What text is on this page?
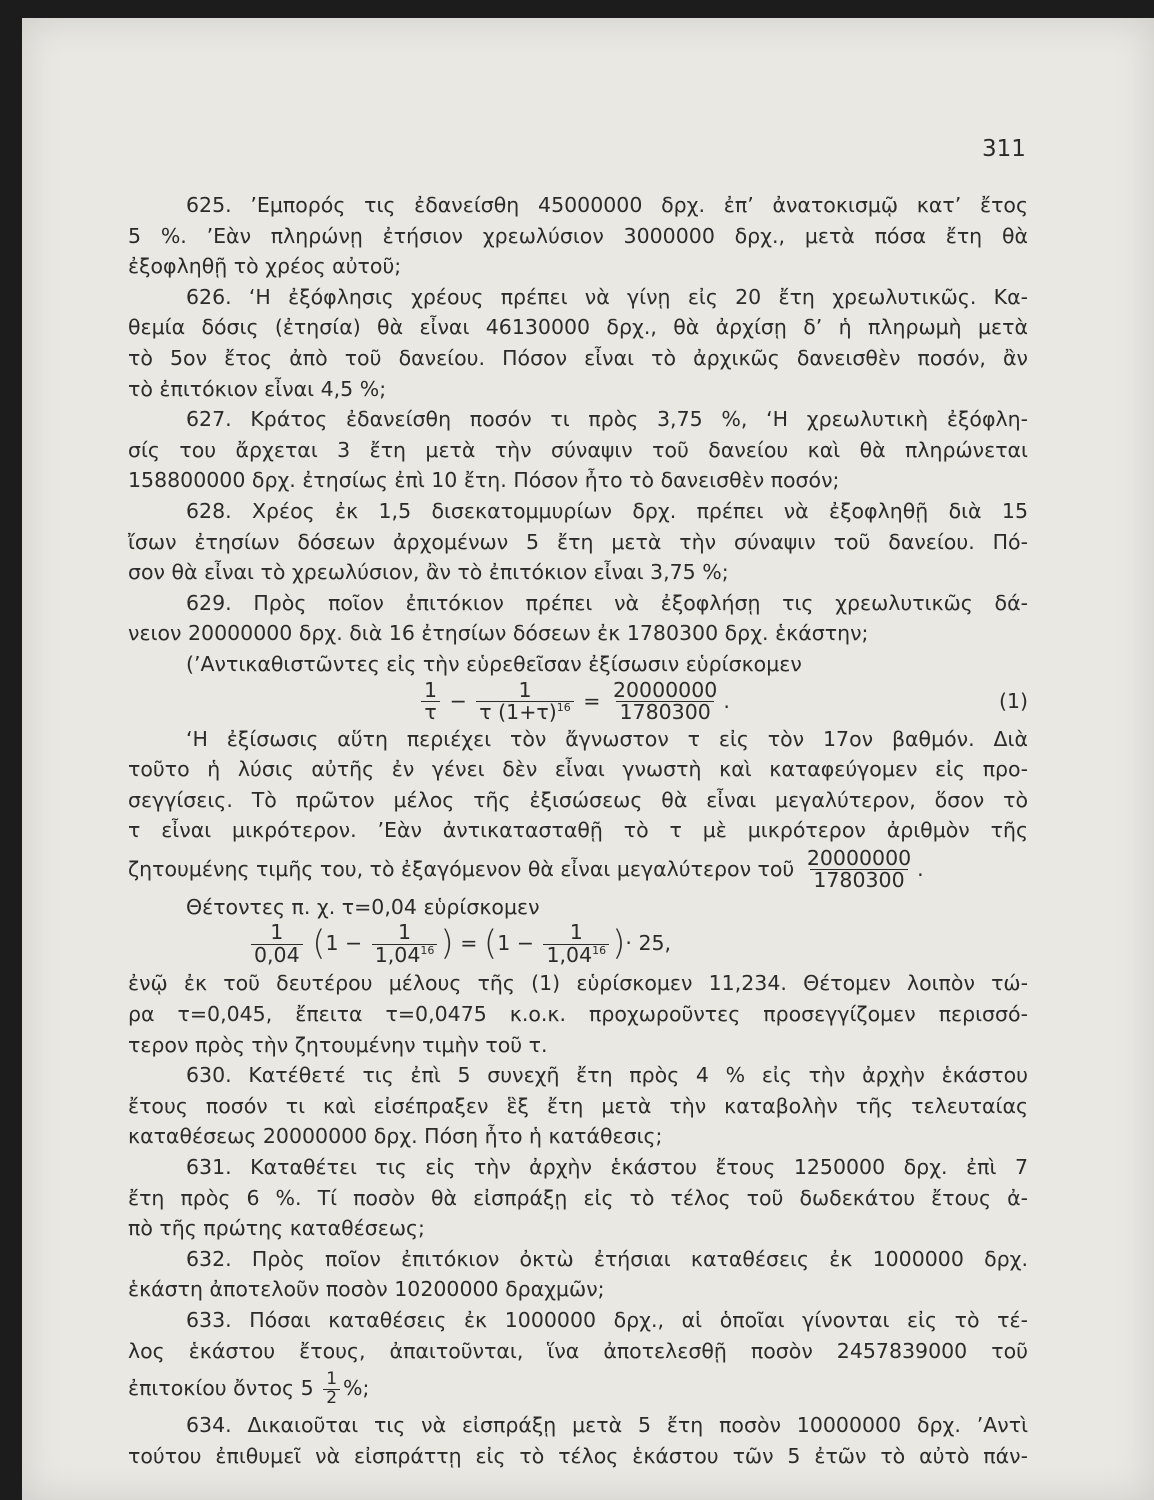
311
625. ’Εμπορός τις ἐδανείσθη 45000000 δρχ. ἐπ’ ἀνατοκισμῷ κατ’ ἔτος
5 %. ’Εὰν πληρώνῃ ἐτήσιον χρεωλύσιον 3000000 δρχ., μετὰ πόσα ἔτη θὰ
ἐξοφληθῇ τὸ χρέος αὐτοῦ;
626. ‘Η ἐξόφλησις χρέους πρέπει νὰ γίνῃ εἰς 20 ἔτη χρεωλυτικῶς. Κα-
θεμία δόσις (ἐτησία) θὰ εἶναι 46130000 δρχ., θὰ ἀρχίσῃ δ’ ἡ πληρωμὴ μετὰ
τὸ 5ον ἔτος ἀπὸ τοῦ δανείου. Πόσον εἶναι τὸ ἀρχικῶς δανεισθὲν ποσόν, ἂν
τὸ ἐπιτόκιον εἶναι 4,5 %;
627. Κράτος ἐδανείσθη ποσόν τι πρὸς 3,75 %, ‘Η χρεωλυτικὴ ἐξόφλη-
σίς του ἄρχεται 3 ἔτη μετὰ τὴν σύναψιν τοῦ δανείου καὶ θὰ πληρώνεται
158800000 δρχ. ἐτησίως ἐπὶ 10 ἔτη. Πόσον ἦτο τὸ δανεισθὲν ποσόν;
628. Χρέος ἐκ 1,5 δισεκατομμυρίων δρχ. πρέπει νὰ ἐξοφληθῇ διὰ 15
ἴσων ἐτησίων δόσεων ἀρχομένων 5 ἔτη μετὰ τὴν σύναψιν τοῦ δανείου. Πό-
σον θὰ εἶναι τὸ χρεωλύσιον, ἂν τὸ ἐπιτόκιον εἶναι 3,75 %;
629. Πρὸς ποῖον ἐπιτόκιον πρέπει νὰ ἐξοφλήσῃ τις χρεωλυτικῶς δά-
νειον 20000000 δρχ. διὰ 16 ἐτησίων δόσεων ἐκ 1780300 δρχ. ἑκάστην;
(’Αντικαθιστῶντες εἰς τὴν εὑρεθεῖσαν ἐξίσωσιν εὑρίσκομεν
$\frac{1}{\tau} - \frac{1}{\tau (1+\tau)^{16}} = \frac{20000000}{1780300}$ .	(1)
‘Η ἐξίσωσις αὕτη περιέχει τὸν ἄγνωστον τ εἰς τὸν 17ον βαθμόν. Διὰ
τοῦτο ἡ λύσις αὐτῆς ἐν γένει δὲν εἶναι γνωστὴ καὶ καταφεύγομεν εἰς προ-
σεγγίσεις. Τὸ πρῶτον μέλος τῆς ἐξισώσεως θὰ εἶναι μεγαλύτερον, ὅσον τὸ
τ εἶναι μικρότερον. ’Εὰν ἀντικατασταθῇ τὸ τ μὲ μικρότερον ἀριθμὸν τῆς
ζητουμένης τιμῆς του, τὸ ἐξαγόμενον θὰ εἶναι μεγαλύτερον τοῦ $\frac{20000000}{1780300}$ .
Θέτοντες π. χ. τ=0,04 εὑρίσκομεν
$\frac{1}{0,04} (1 - \frac{1}{1,04^{16}}$ ) = ($1 - \frac{1}{1,04^{16}}$ )· 25,
ἐνῷ ἐκ τοῦ δευτέρου μέλους τῆς (1) εὑρίσκομεν 11,234. Θέτομεν λοιπὸν τώ-
ρα τ=0,045, ἔπειτα τ=0,0475 κ.ο.κ. προχωροῦντες προσεγγίζομεν περισσό-
τερον πρὸς τὴν ζητουμένην τιμὴν τοῦ τ.
630. Κατέθετέ τις ἐπὶ 5 συνεχῆ ἔτη πρὸς 4 % εἰς τὴν ἀρχὴν ἑκάστου
ἔτους ποσόν τι καὶ εἰσέπραξεν ἓξ ἔτη μετὰ τὴν καταβολὴν τῆς τελευταίας
καταθέσεως 20000000 δρχ. Πόση ἦτο ἡ κατάθεσις;
631. Καταθέτει τις εἰς τὴν ἀρχὴν ἑκάστου ἔτους 1250000 δρχ. ἐπὶ 7
ἔτη πρὸς 6 %. Τί ποσὸν θὰ εἰσπράξῃ εἰς τὸ τέλος τοῦ δωδεκάτου ἔτους ἀ-
πὸ τῆς πρώτης καταθέσεως;
632. Πρὸς ποῖον ἐπιτόκιον ὀκτὼ ἐτήσιαι καταθέσεις ἐκ 1000000 δρχ.
ἑκάστη ἀποτελοῦν ποσὸν 10200000 δραχμῶν;
633. Πόσαι καταθέσεις ἐκ 1000000 δρχ., αἱ ὁποῖαι γίνονται εἰς τὸ τέ-
λος ἑκάστου ἔτους, ἀπαιτοῦνται, ἵνα ἀποτελεσθῇ ποσὸν 2457839000 τοῦ
ἐπιτοκίου ὄντος $5 \frac{1}{2}$ %;
634. Δικαιοῦται τις νὰ εἰσπράξῃ μετὰ 5 ἔτη ποσὸν 10000000 δρχ. ’Αντὶ
τούτου ἐπιθυμεῖ νὰ εἰσπράττῃ εἰς τὸ τέλος ἑκάστου τῶν 5 ἐτῶν τὸ αὐτὸ πάν-
